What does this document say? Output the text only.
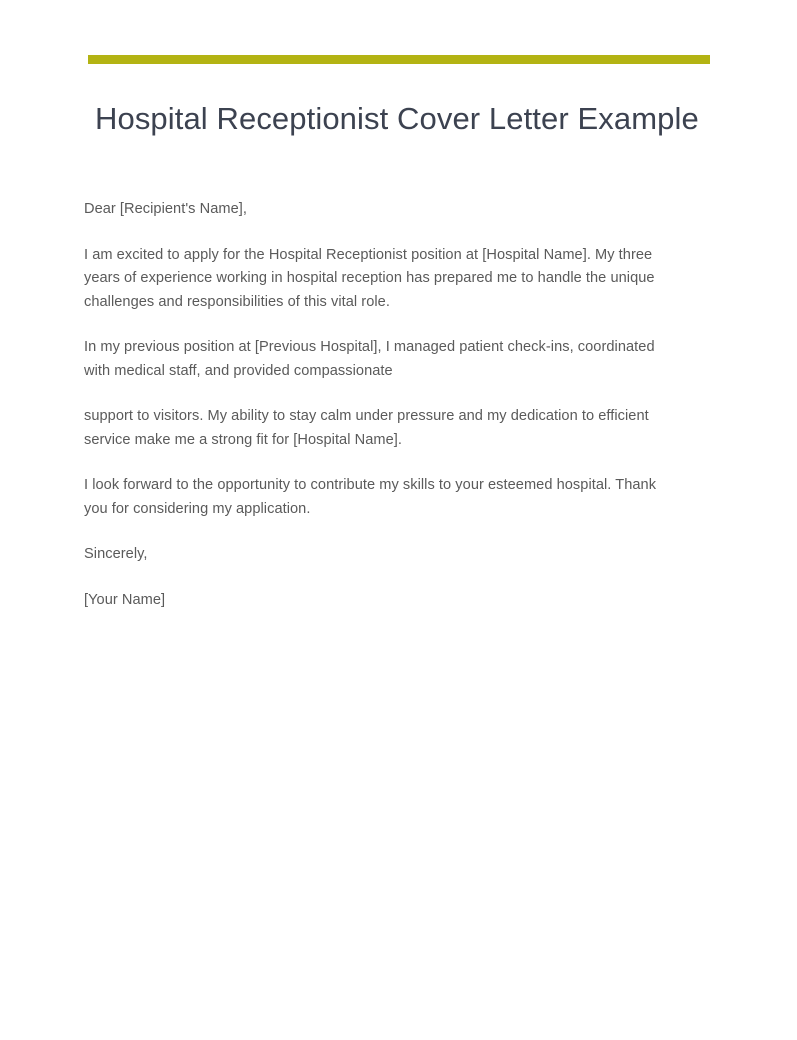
Hospital Receptionist Cover Letter Example

Dear [Recipient's Name],

I am excited to apply for the Hospital Receptionist position at [Hospital Name]. My three years of experience working in hospital reception has prepared me to handle the unique challenges and responsibilities of this vital role.

In my previous position at [Previous Hospital], I managed patient check-ins, coordinated with medical staff, and provided compassionate

support to visitors. My ability to stay calm under pressure and my dedication to efficient service make me a strong fit for [Hospital Name].

I look forward to the opportunity to contribute my skills to your esteemed hospital. Thank you for considering my application.

Sincerely,

[Your Name]
